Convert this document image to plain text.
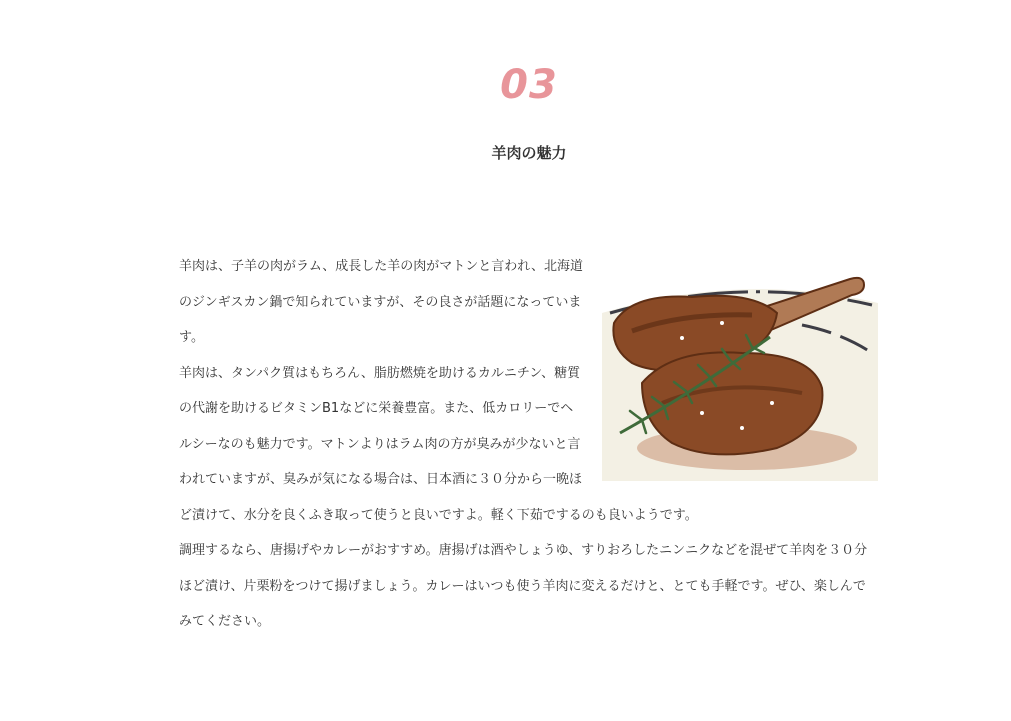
03
羊肉の魅力

羊肉は、子羊の肉がラム、成長した羊の肉がマトンと言われ、北海道のジンギスカン鍋で知られていますが、その良さが話題になっています。

羊肉は、タンパク質はもちろん、脂肪燃焼を助けるカルニチン、糖質の代謝を助けるビタミンB1などに栄養豊富。また、低カロリーでヘルシーなのも魅力です。マトンよりはラム肉の方が臭みが少ないと言われていますが、臭みが気になる場合は、日本酒に３０分から一晩ほど漬けて、水分を良くふき取って使うと良いですよ。軽く下茹でするのも良いようです。

調理するなら、唐揚げやカレーがおすすめ。唐揚げは酒やしょうゆ、すりおろしたニンニクなどを混ぜて羊肉を３０分ほど漬け、片栗粉をつけて揚げましょう。カレーはいつも使う羊肉に変えるだけと、とても手軽です。ぜひ、楽しんでみてください。
